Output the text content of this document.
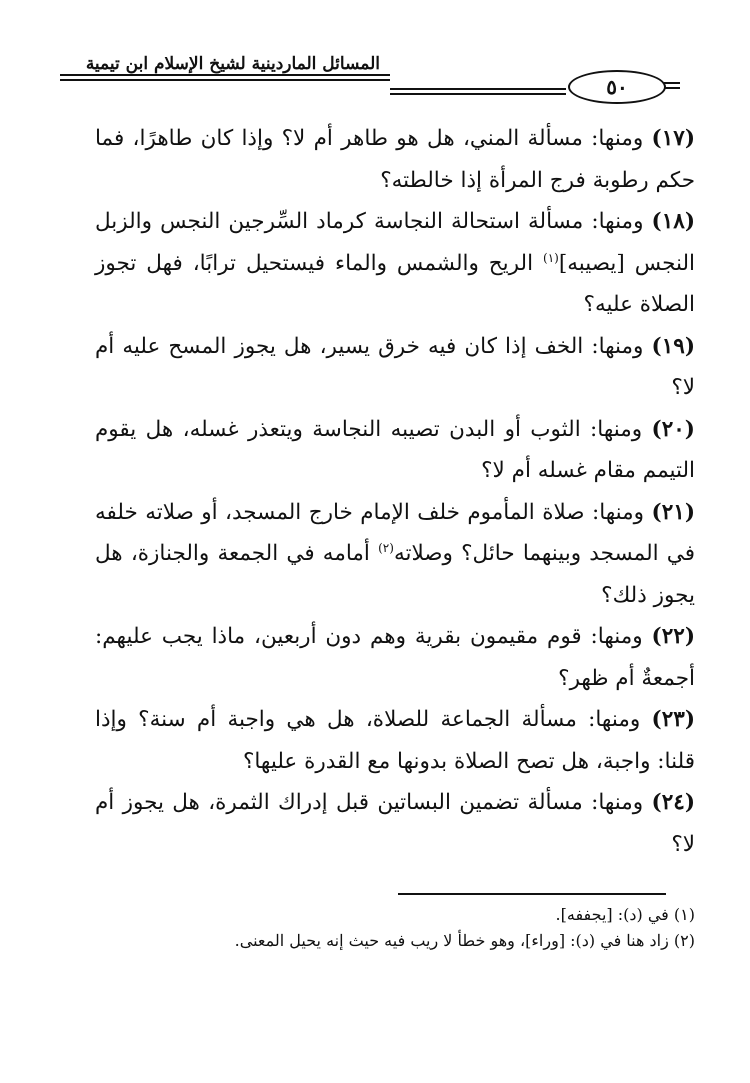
المسائل الماردينية لشيخ الإسلام ابن تيمية
٥٠

(١٧) ومنها: مسألة المني، هل هو طاهر أم لا؟ وإذا كان طاهرًا، فما حكم رطوبة فرج المرأة إذا خالطته؟

(١٨) ومنها: مسألة استحالة النجاسة كرماد السِّرجين النجس والزبل النجس [يصيبه]$^{(١)}$ الريح والشمس والماء فيستحيل ترابًا، فهل تجوز الصلاة عليه؟

(١٩) ومنها: الخف إذا كان فيه خرق يسير، هل يجوز المسح عليه أم لا؟

(٢٠) ومنها: الثوب أو البدن تصيبه النجاسة ويتعذر غسله، هل يقوم التيمم مقام غسله أم لا؟

(٢١) ومنها: صلاة المأموم خلف الإمام خارج المسجد، أو صلاته خلفه في المسجد وبينهما حائل؟ وصلاته$^{(٢)}$ أمامه في الجمعة والجنازة، هل يجوز ذلك؟

(٢٢) ومنها: قوم مقيمون بقرية وهم دون أربعين، ماذا يجب عليهم: أجمعةٌ أم ظهر؟

(٢٣) ومنها: مسألة الجماعة للصلاة، هل هي واجبة أم سنة؟ وإذا قلنا: واجبة، هل تصح الصلاة بدونها مع القدرة عليها؟

(٢٤) ومنها: مسألة تضمين البساتين قبل إدراك الثمرة، هل يجوز أم لا؟

(١) في (د): [يجففه].

(٢) زاد هنا في (د): [وراء]، وهو خطأ لا ريب فيه حيث إنه يحيل المعنى.
